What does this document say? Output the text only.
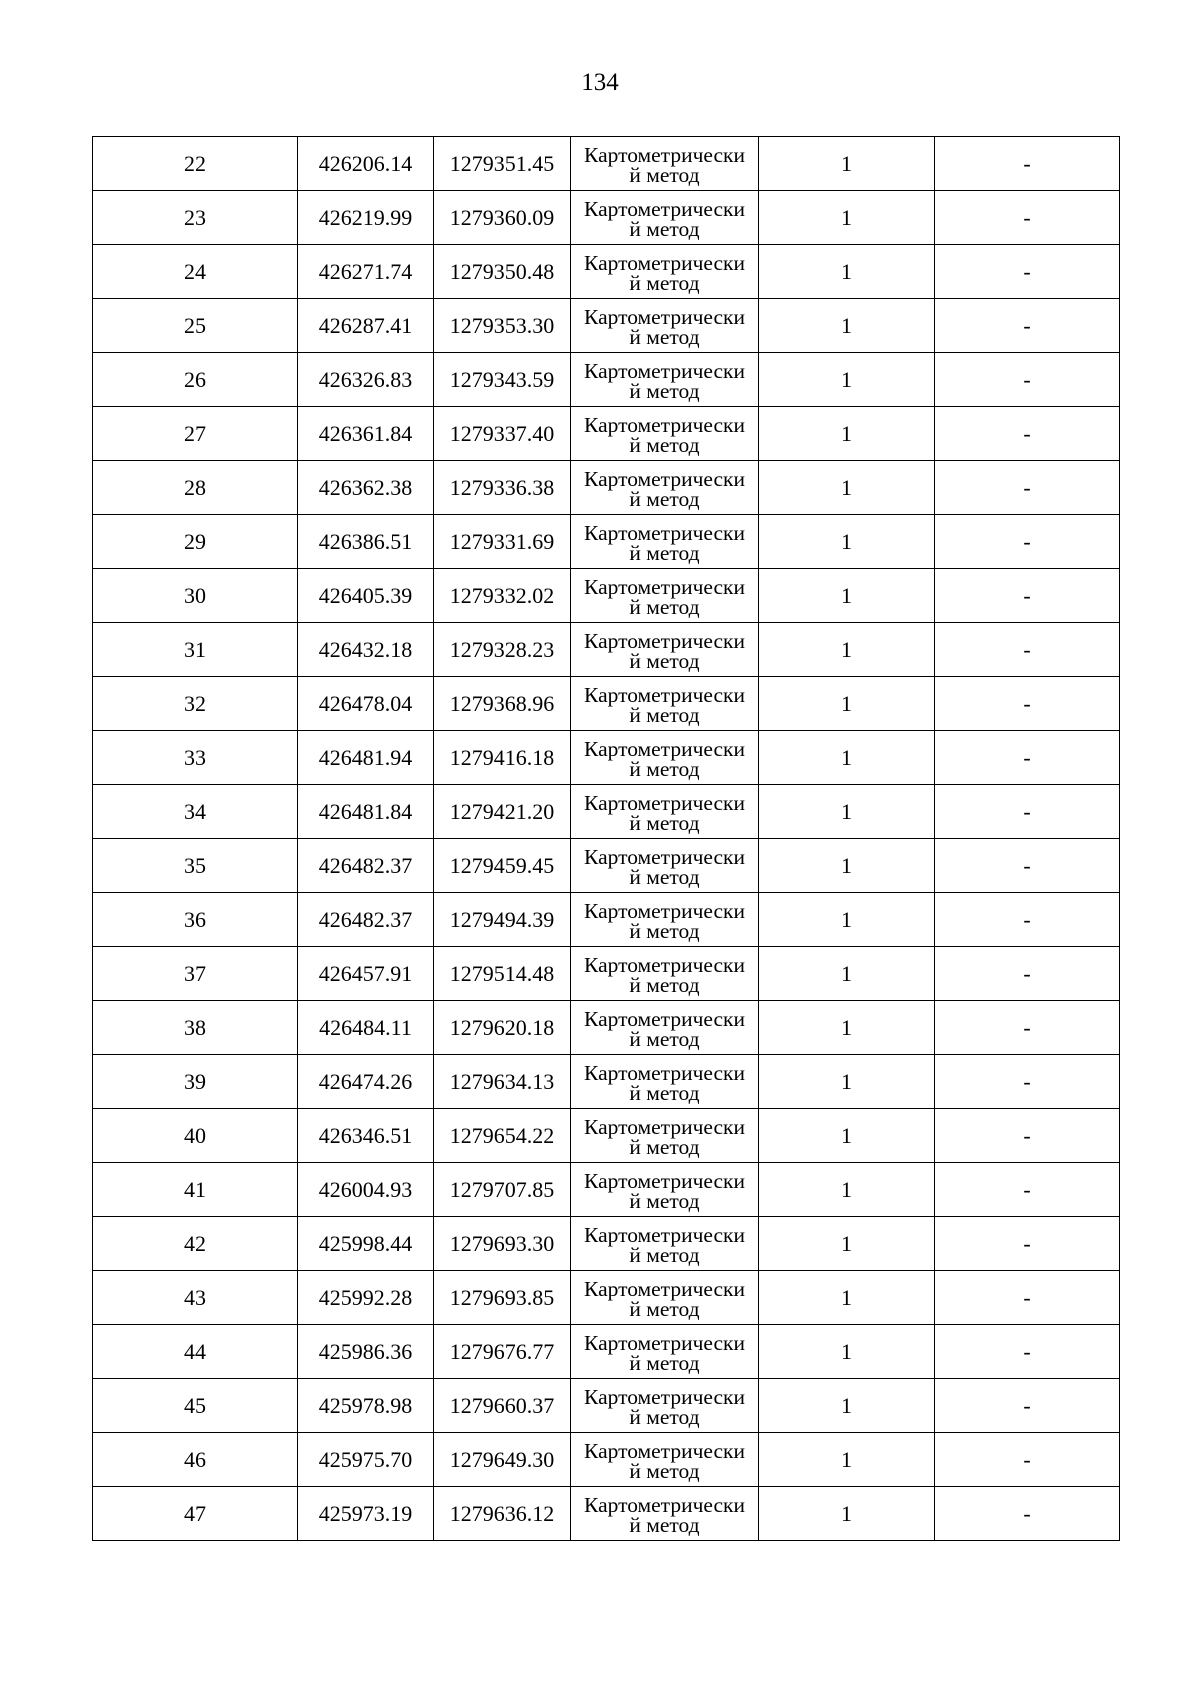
134
22	426206.14	1279351.45	Картометрически
й метод	1	-
23	426219.99	1279360.09	Картометрически
й метод	1	-
24	426271.74	1279350.48	Картометрически
й метод	1	-
25	426287.41	1279353.30	Картометрически
й метод	1	-
26	426326.83	1279343.59	Картометрически
й метод	1	-
27	426361.84	1279337.40	Картометрически
й метод	1	-
28	426362.38	1279336.38	Картометрически
й метод	1	-
29	426386.51	1279331.69	Картометрически
й метод	1	-
30	426405.39	1279332.02	Картометрически
й метод	1	-
31	426432.18	1279328.23	Картометрически
й метод	1	-
32	426478.04	1279368.96	Картометрически
й метод	1	-
33	426481.94	1279416.18	Картометрически
й метод	1	-
34	426481.84	1279421.20	Картометрически
й метод	1	-
35	426482.37	1279459.45	Картометрически
й метод	1	-
36	426482.37	1279494.39	Картометрически
й метод	1	-
37	426457.91	1279514.48	Картометрически
й метод	1	-
38	426484.11	1279620.18	Картометрически
й метод	1	-
39	426474.26	1279634.13	Картометрически
й метод	1	-
40	426346.51	1279654.22	Картометрически
й метод	1	-
41	426004.93	1279707.85	Картометрически
й метод	1	-
42	425998.44	1279693.30	Картометрически
й метод	1	-
43	425992.28	1279693.85	Картометрически
й метод	1	-
44	425986.36	1279676.77	Картометрически
й метод	1	-
45	425978.98	1279660.37	Картометрически
й метод	1	-
46	425975.70	1279649.30	Картометрически
й метод	1	-
47	425973.19	1279636.12	Картометрически
й метод	1	-
